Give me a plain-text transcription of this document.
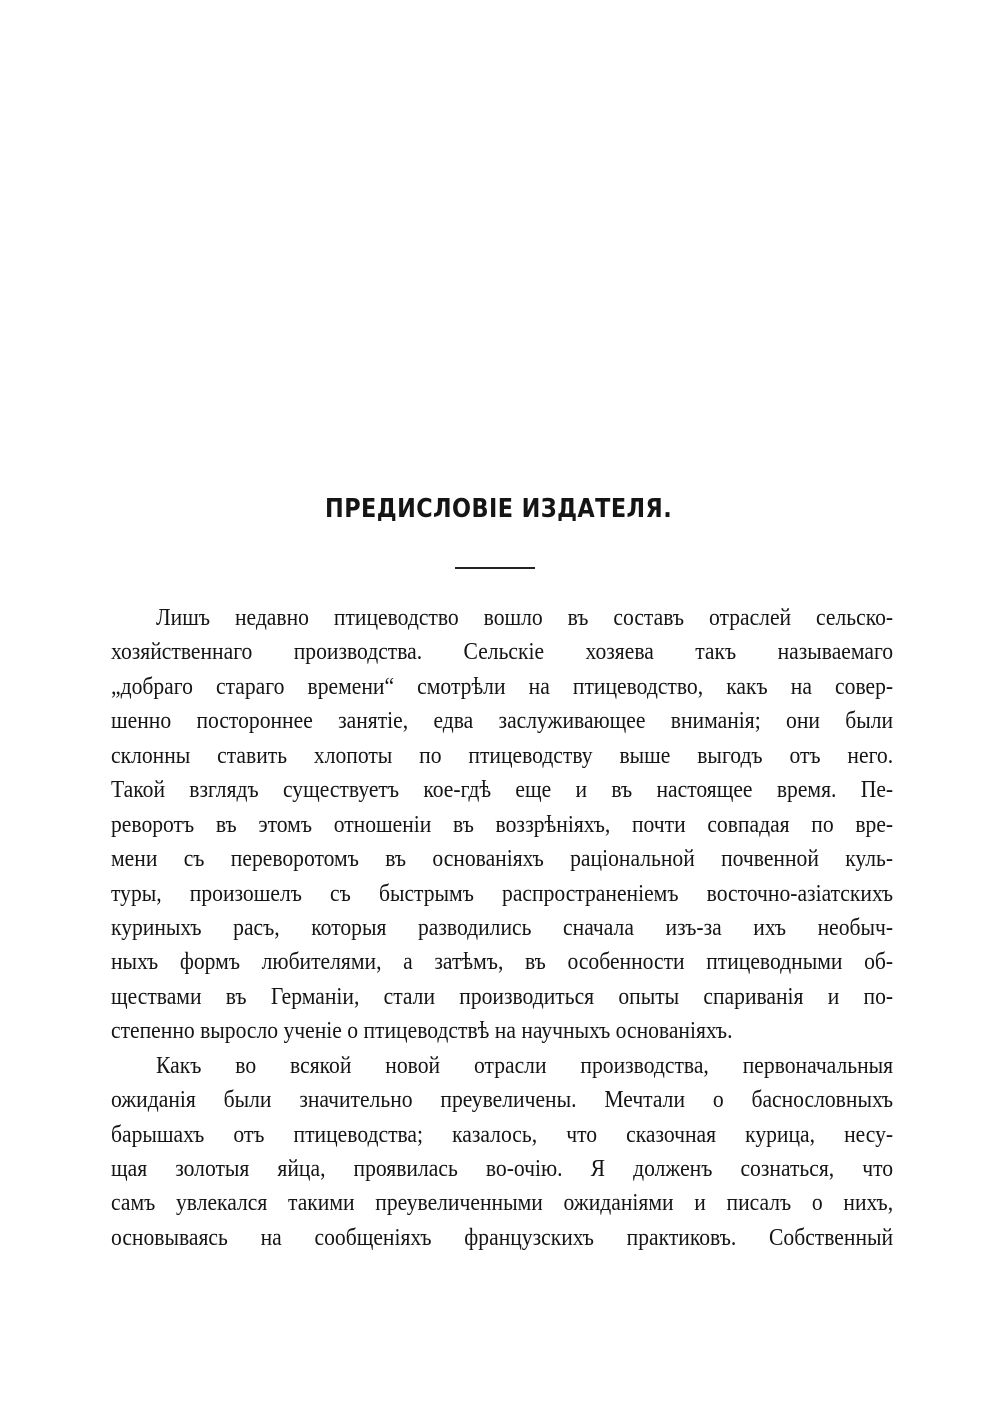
ПРЕДИСЛОВІЕ ИЗДАТЕЛЯ.
Лишъ недавно птицеводство вошло въ составъ отраслей сельско-
хозяйственнаго производства. Сельскіе хозяева такъ называемаго
„добраго стараго времени“ смотрѣли на птицеводство, какъ на совер-
шенно постороннее занятіе, едва заслуживающее вниманія; они были
склонны ставить хлопоты по птицеводству выше выгодъ отъ него.
Такой взглядъ существуетъ кое-гдѣ еще и въ настоящее время. Пе-
реворотъ въ этомъ отношеніи въ воззрѣніяхъ, почти совпадая по вре-
мени съ переворотомъ въ основаніяхъ раціональной почвенной куль-
туры, произошелъ съ быстрымъ распространеніемъ восточно-азіатскихъ
куриныхъ расъ, которыя разводились сначала изъ-за ихъ необыч-
ныхъ формъ любителями, а затѣмъ, въ особенности птицеводными об-
ществами въ Германіи, стали производиться опыты спариванія и по-
степенно выросло ученіе о птицеводствѣ на научныхъ основаніяхъ.
Какъ во всякой новой отрасли производства, первоначальныя
ожиданія были значительно преувеличены. Мечтали о баснословныхъ
барышахъ отъ птицеводства; казалось, что сказочная курица, несу-
щая золотыя яйца, проявилась во-очію. Я долженъ сознаться, что
самъ увлекался такими преувеличенными ожиданіями и писалъ о нихъ,
основываясь на сообщеніяхъ французскихъ практиковъ. Собственный
